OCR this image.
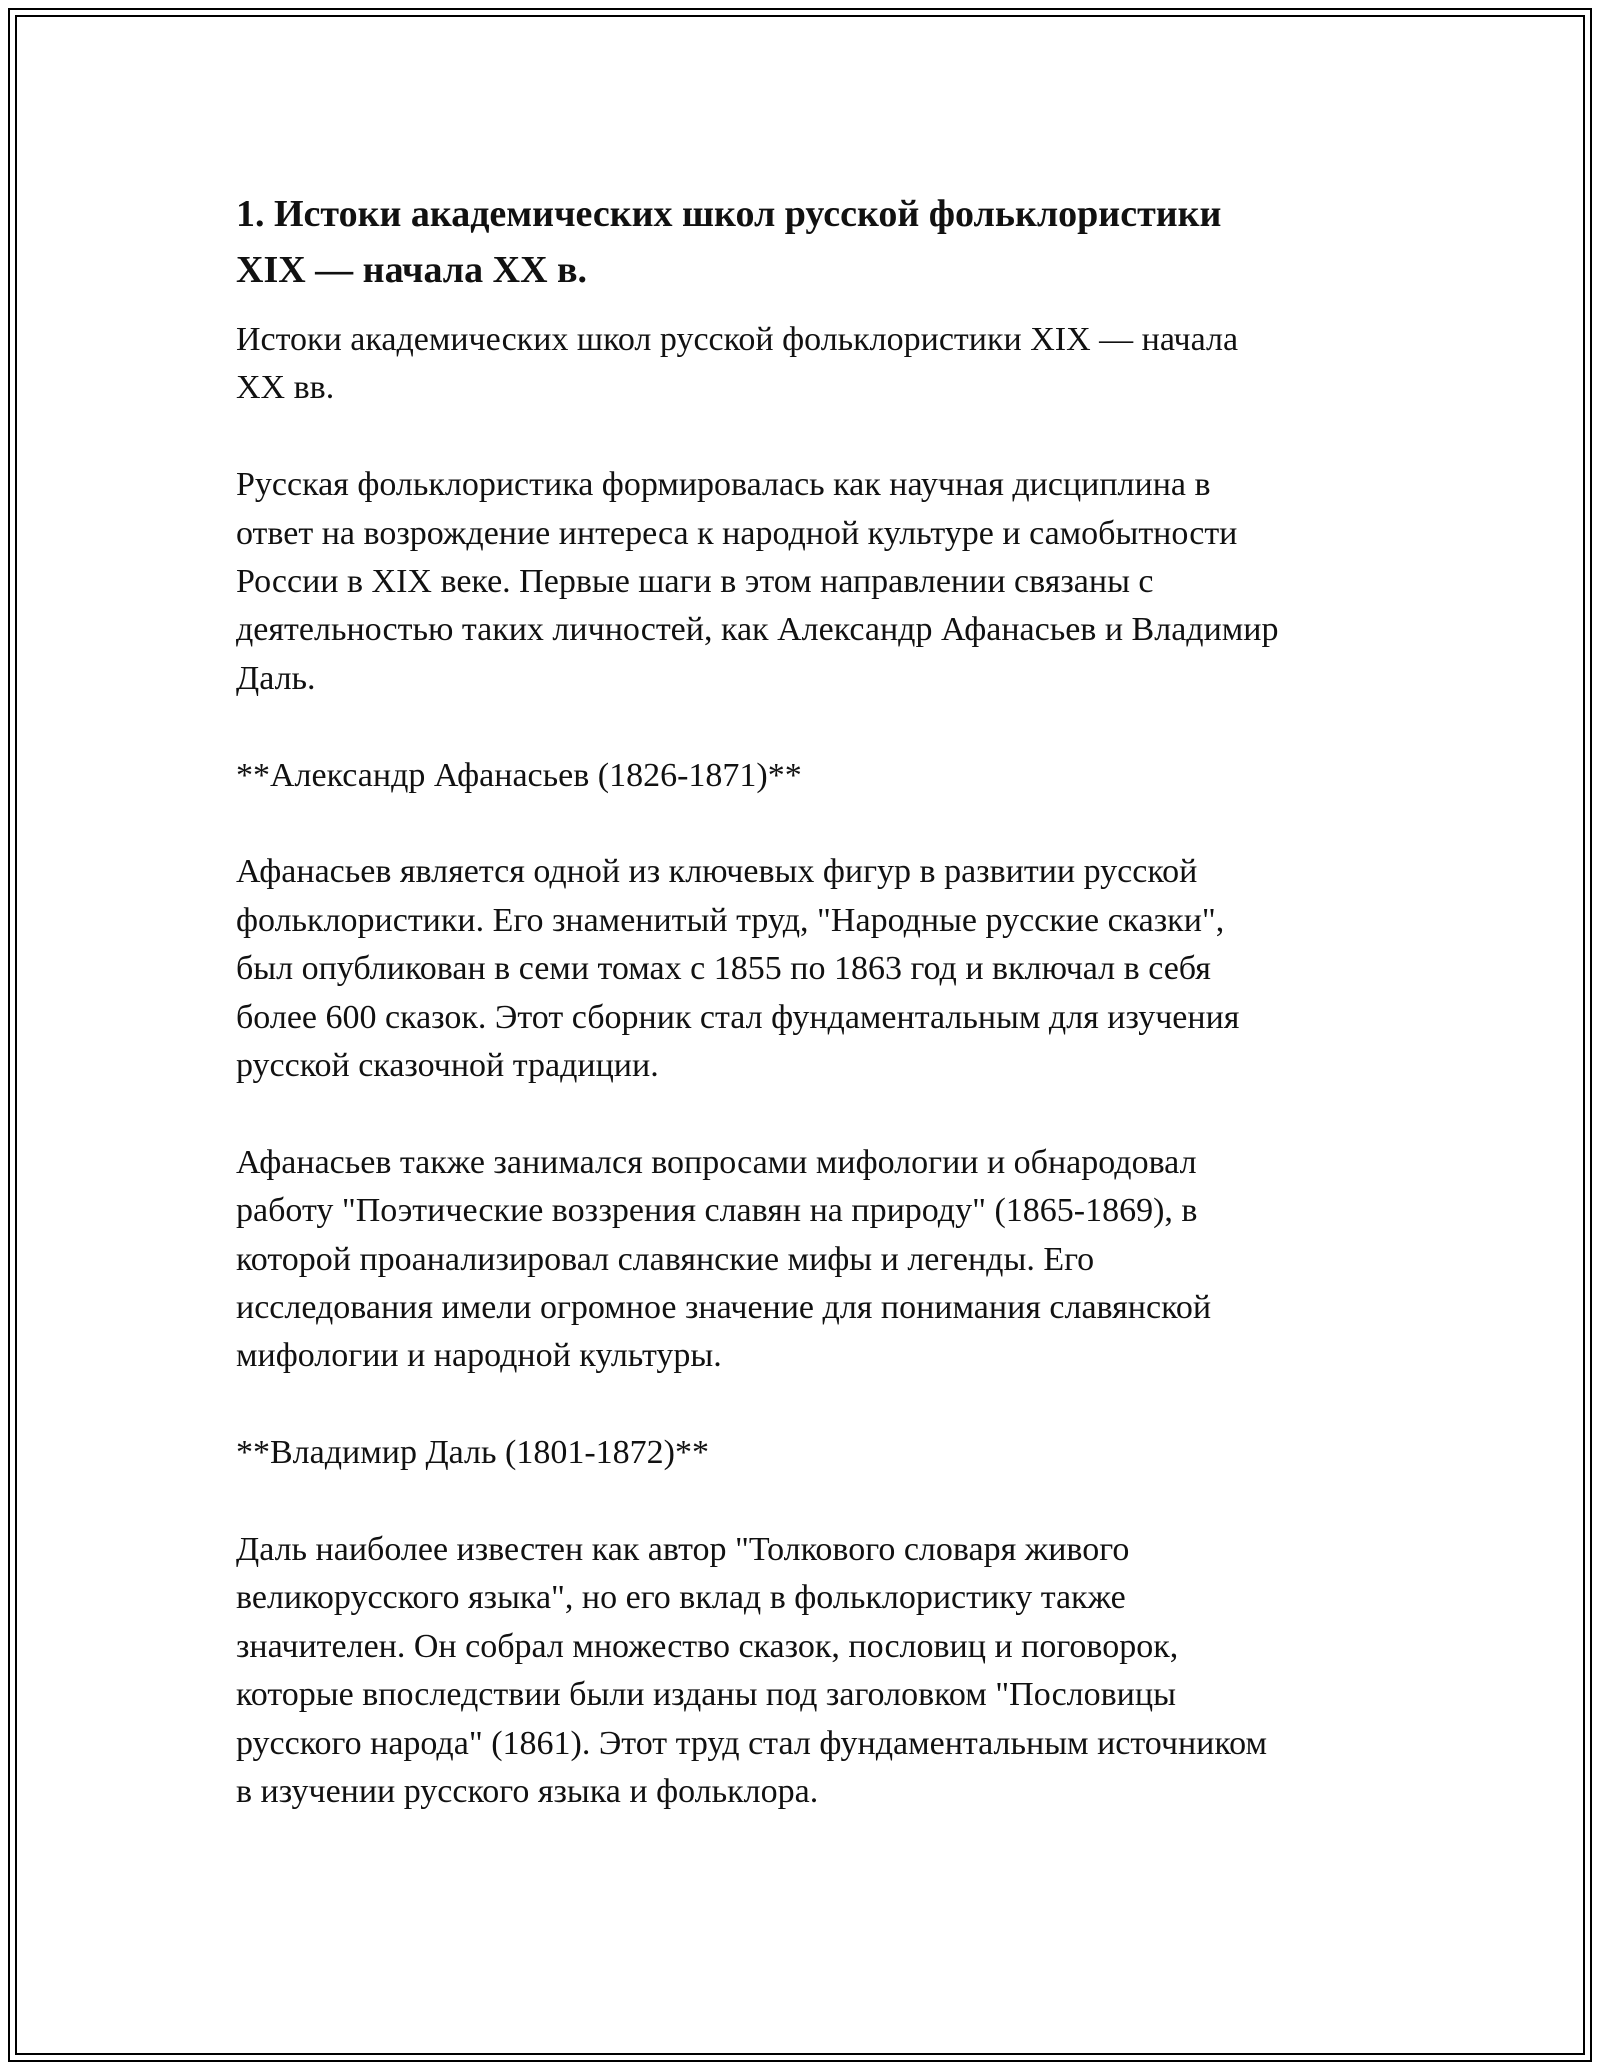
1. Истоки академических школ русской фольклористики
XIX — начала XX в.

Истоки академических школ русской фольклористики XIX — начала
XX вв.

Русская фольклористика формировалась как научная дисциплина в
ответ на возрождение интереса к народной культуре и самобытности
России в XIX веке. Первые шаги в этом направлении связаны с
деятельностью таких личностей, как Александр Афанасьев и Владимир
Даль.

**Александр Афанасьев (1826-1871)**

Афанасьев является одной из ключевых фигур в развитии русской
фольклористики. Его знаменитый труд, "Народные русские сказки",
был опубликован в семи томах с 1855 по 1863 год и включал в себя
более 600 сказок. Этот сборник стал фундаментальным для изучения
русской сказочной традиции.

Афанасьев также занимался вопросами мифологии и обнародовал
работу "Поэтические воззрения славян на природу" (1865-1869), в
которой проанализировал славянские мифы и легенды. Его
исследования имели огромное значение для понимания славянской
мифологии и народной культуры.

**Владимир Даль (1801-1872)**

Даль наиболее известен как автор "Толкового словаря живого
великорусского языка", но его вклад в фольклористику также
значителен. Он собрал множество сказок, пословиц и поговорок,
которые впоследствии были изданы под заголовком "Пословицы
русского народа" (1861). Этот труд стал фундаментальным источником
в изучении русского языка и фольклора.
